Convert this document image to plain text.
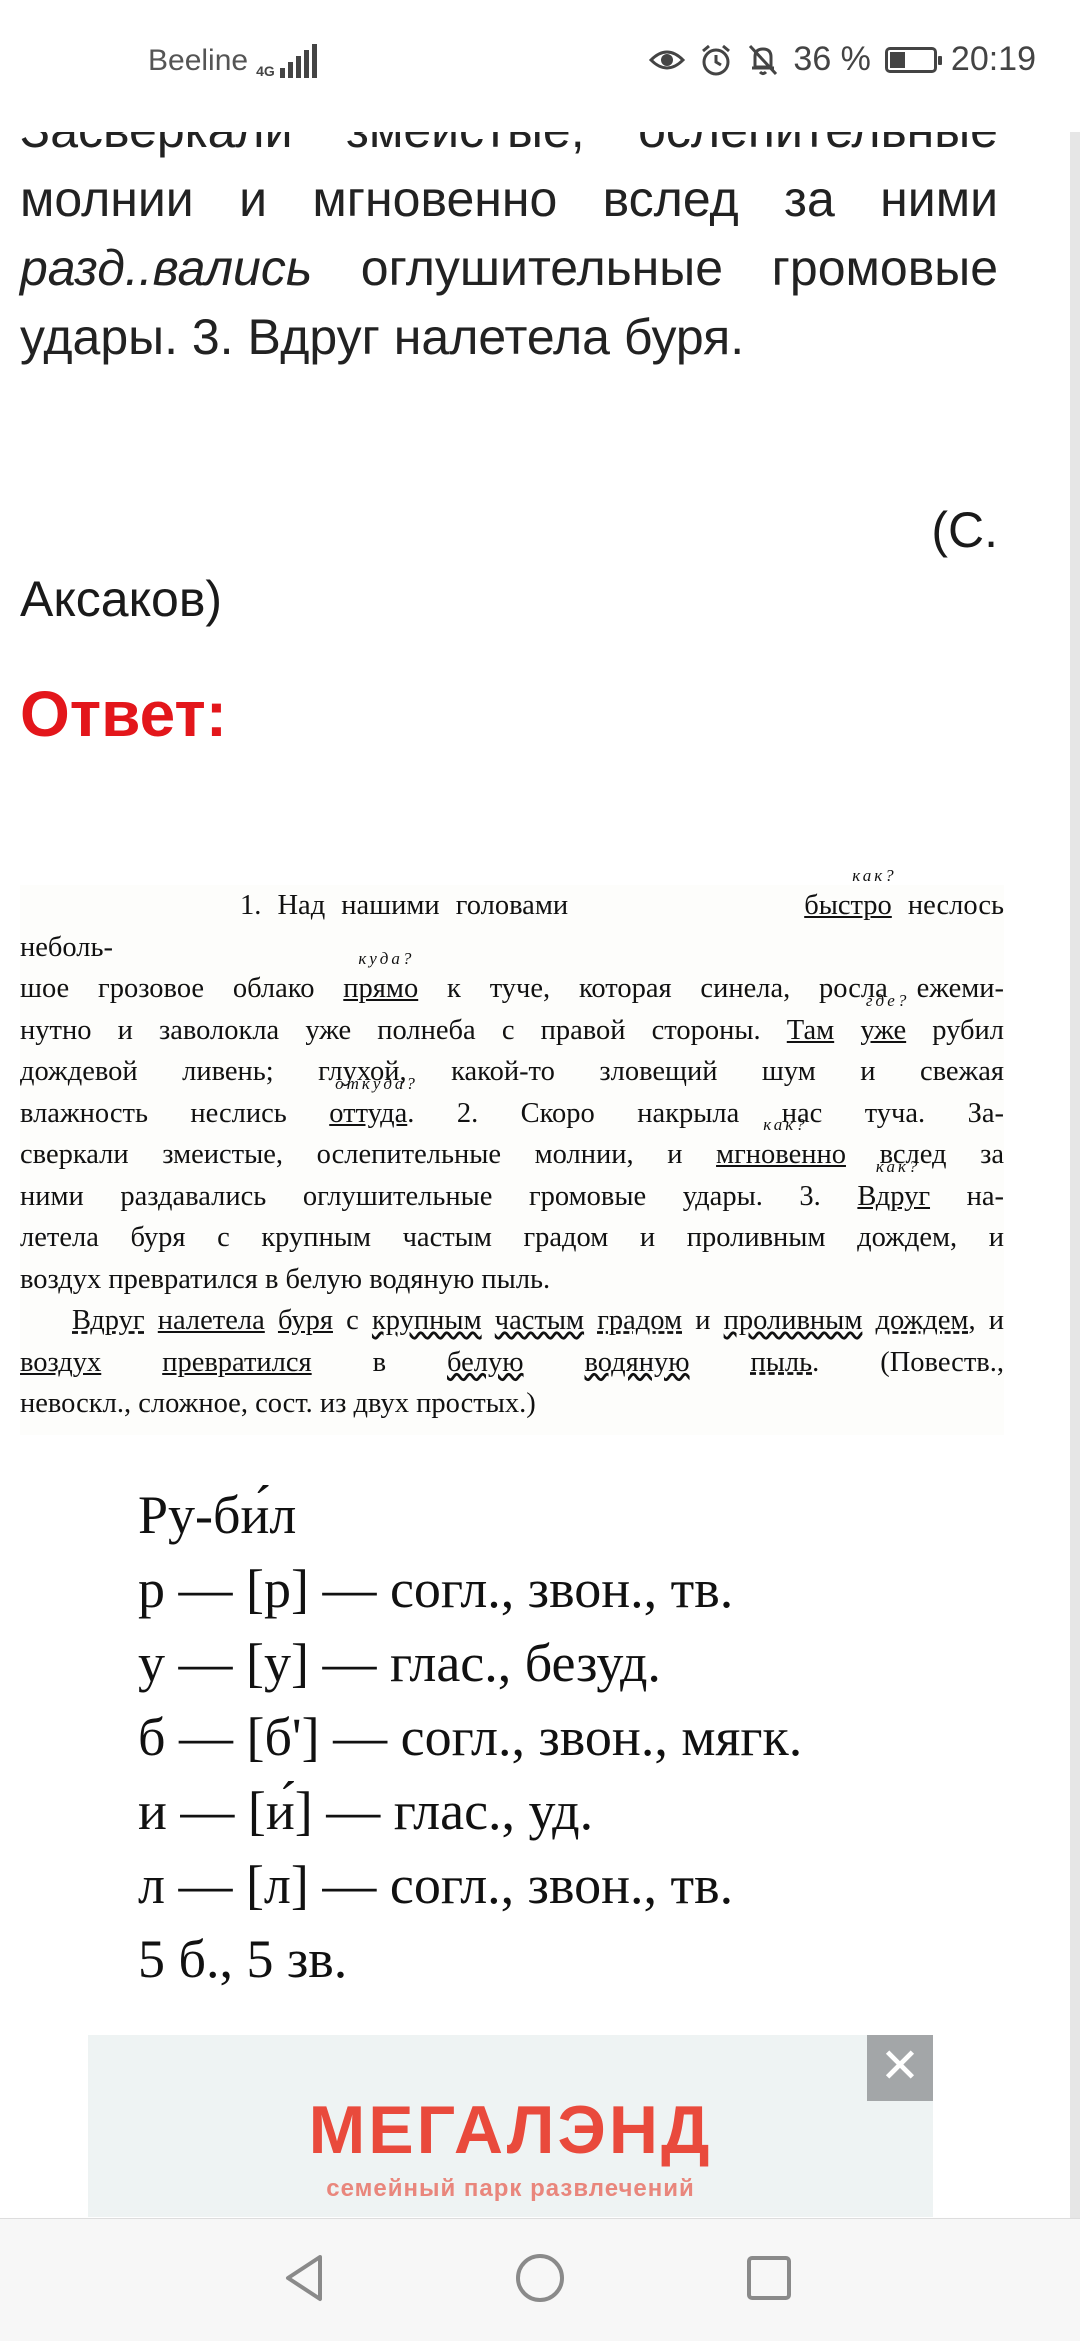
Beeline 4G	36 % 20:19

молнии и мгновенно вслед за ними разд..вались оглушительные громовые удары. 3. Вдруг налетела буря.

(С.

Аксаков)

Ответ:

1. Над нашими головами	как? быстро неслось неболь-

шое грозовое облако куда? прямо к туче, которая синела, росла ежеми-

нутно и заволокла уже полнеба с правой стороны. Там где? уже рубил

дождевой ливень; глухой, какой-то зловещий шум и свежая

влажность неслись откуда? оттуда. 2. Скоро накрыла нас туча. За-

сверкали змеистые, ослепительные молнии, и как? мгновенно вслед за

ними раздавались оглушительные громовые удары. 3. как? Вдруг на-

летела буря с крупным частым градом и проливным дождем, и

воздух превратился в белую водяную пыль.

Вдруг налетела буря с крупным частым градом и проливным дождем, и воздух превратился в белую водяную пыль. (Повеств.,

невоскл., сложное, сост. из двух простых.)

Ру-би́л
р — [р] — согл., звон., тв.
у — [у] — глас., безуд.
б — [б'] — согл., звон., мягк.
и — [и́] — глас., уд.
л — [л] — согл., звон., тв.
5 б., 5 зв.
МЕГАЛЭНД
семейный парк развлечений
✕
